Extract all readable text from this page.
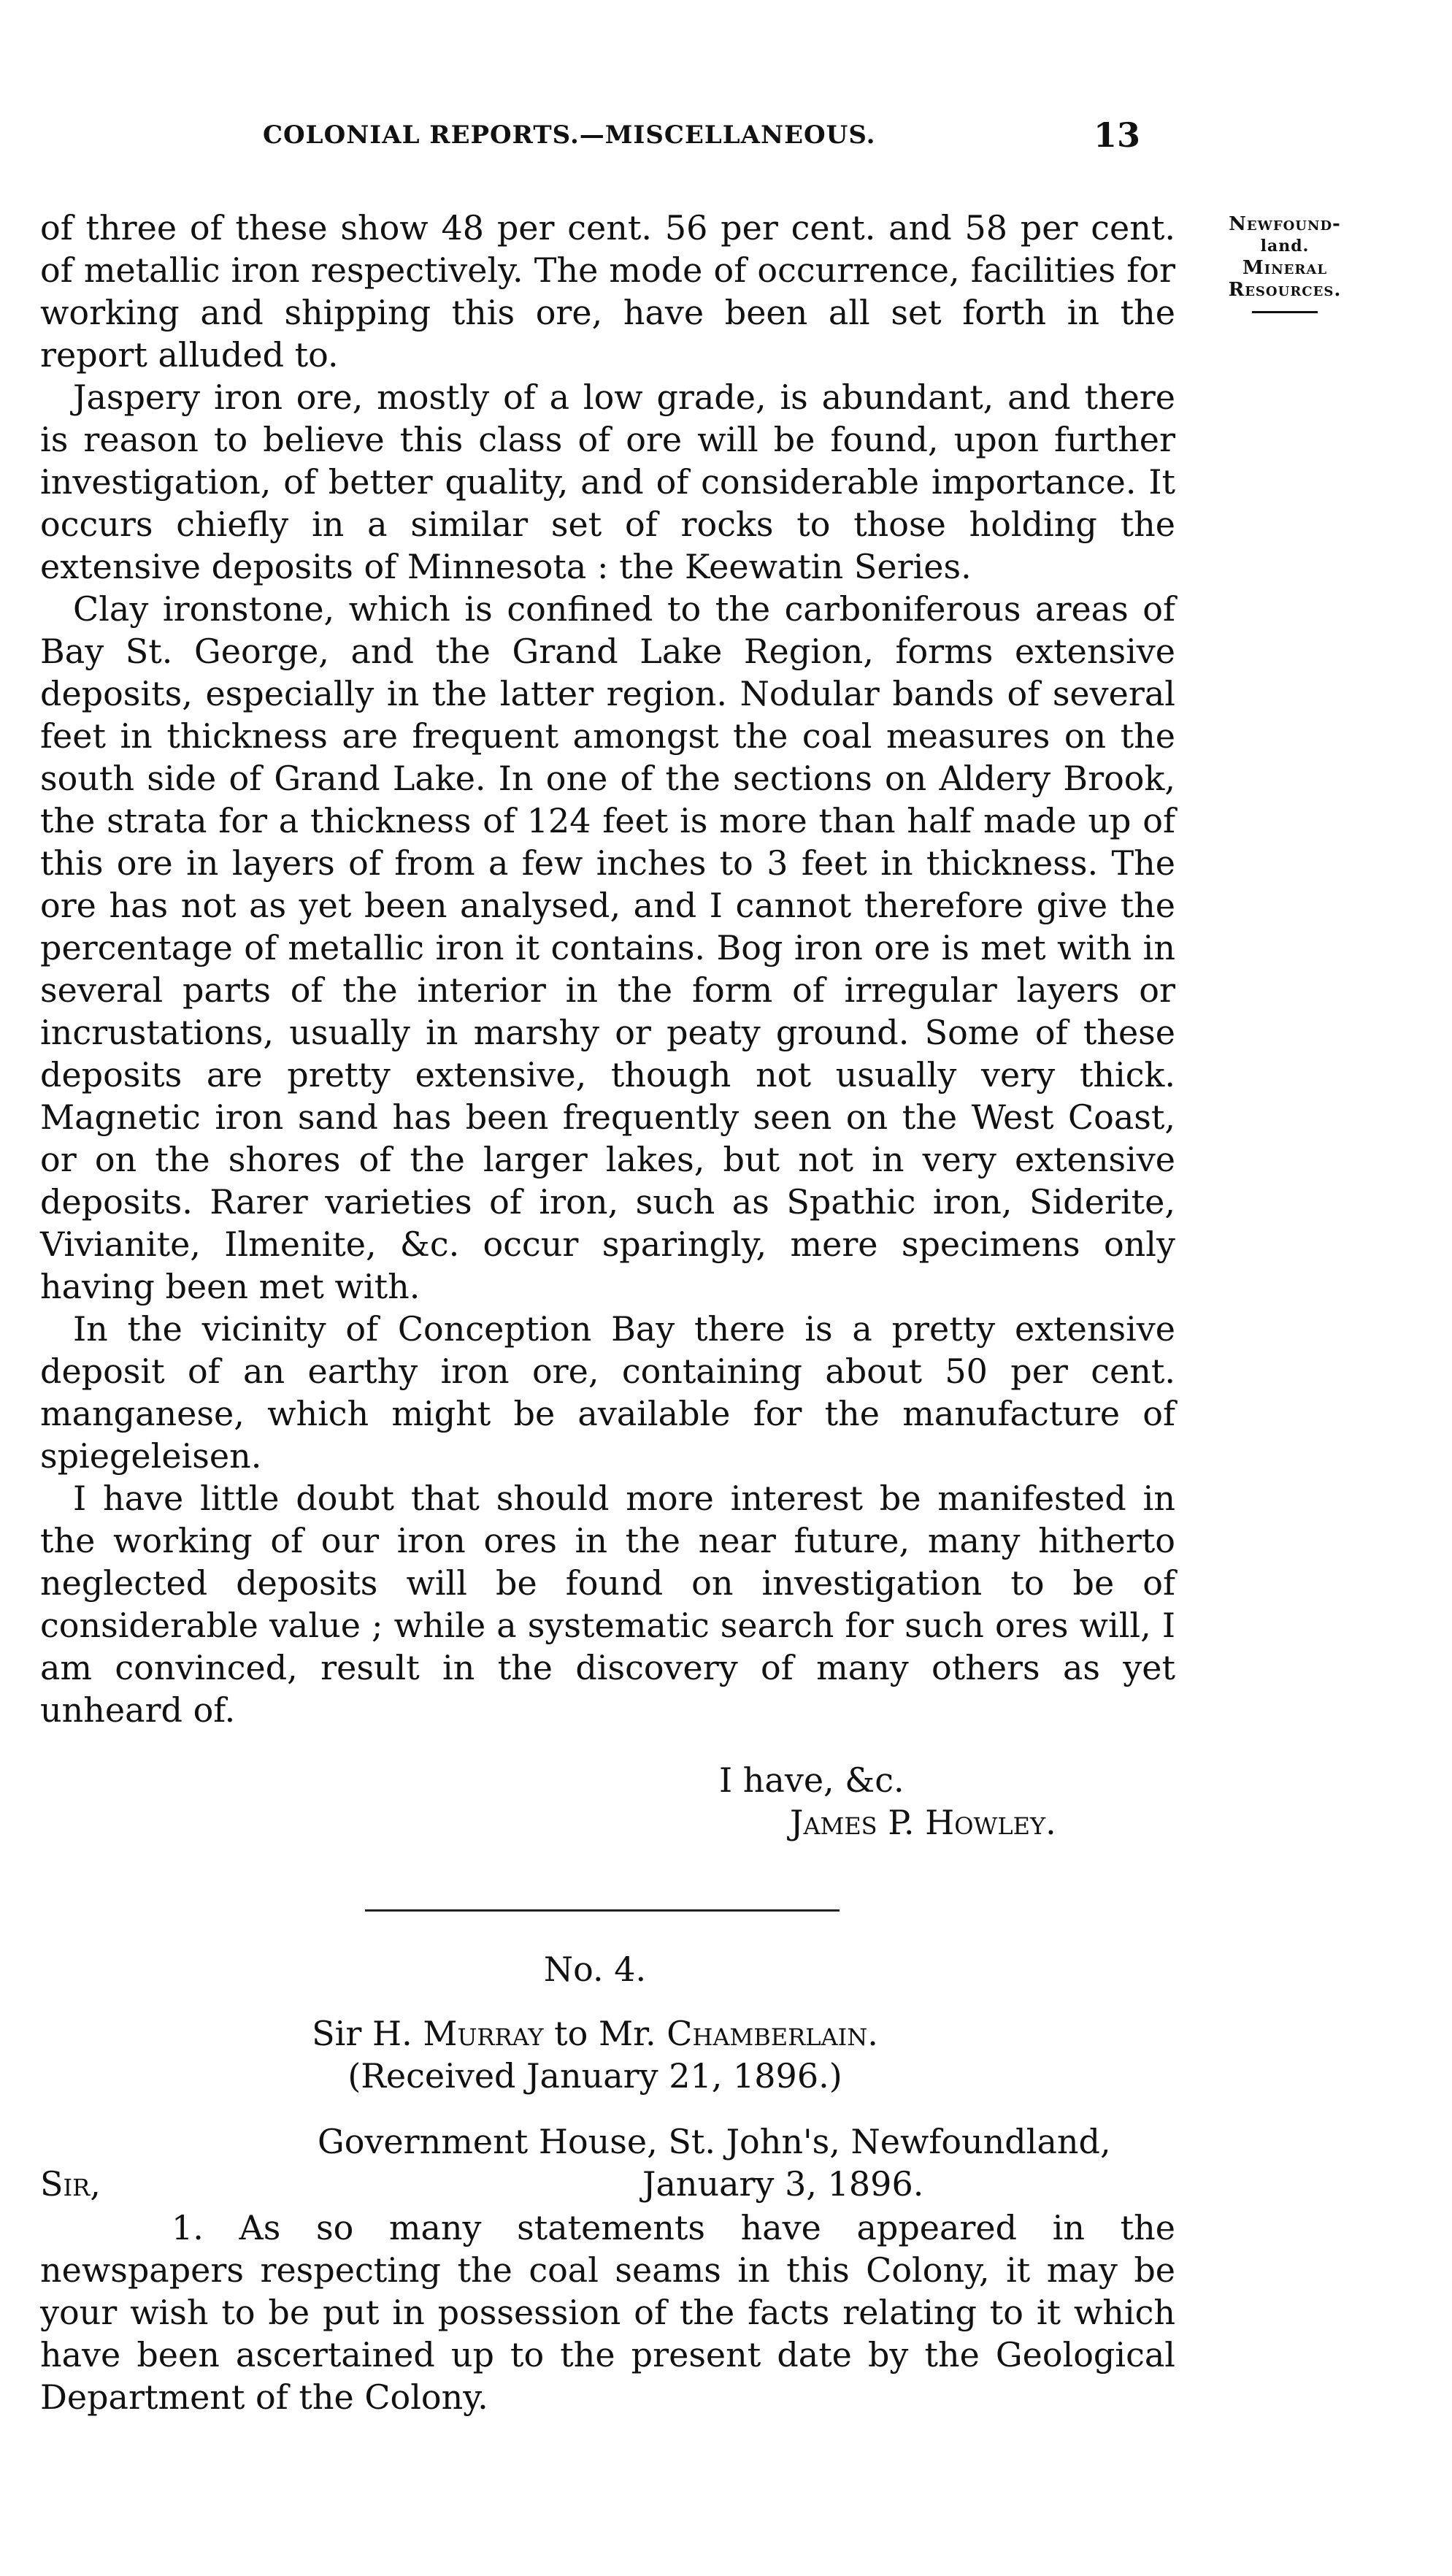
COLONIAL REPORTS.—MISCELLANEOUS.	13
Newfound-
land.
Mineral
Resources.

of three of these show 48 per cent. 56 per cent. and 58 per cent. of metallic iron respectively. The mode of occurrence, facilities for working and shipping this ore, have been all set forth in the report alluded to.

Jaspery iron ore, mostly of a low grade, is abundant, and there is reason to believe this class of ore will be found, upon further investigation, of better quality, and of considerable importance. It occurs chiefly in a similar set of rocks to those holding the extensive deposits of Minnesota : the Keewatin Series.

Clay ironstone, which is confined to the carboniferous areas of Bay St. George, and the Grand Lake Region, forms extensive deposits, especially in the latter region. Nodular bands of several feet in thickness are frequent amongst the coal measures on the south side of Grand Lake. In one of the sections on Aldery Brook, the strata for a thickness of 124 feet is more than half made up of this ore in layers of from a few inches to 3 feet in thickness. The ore has not as yet been analysed, and I cannot therefore give the percentage of metallic iron it contains. Bog iron ore is met with in several parts of the interior in the form of irregular layers or incrustations, usually in marshy or peaty ground. Some of these deposits are pretty extensive, though not usually very thick. Magnetic iron sand has been frequently seen on the West Coast, or on the shores of the larger lakes, but not in very extensive deposits. Rarer varieties of iron, such as Spathic iron, Siderite, Vivianite, Ilmenite, &c. occur sparingly, mere specimens only having been met with.

In the vicinity of Conception Bay there is a pretty extensive deposit of an earthy iron ore, containing about 50 per cent. manganese, which might be available for the manufacture of spiegeleisen.

I have little doubt that should more interest be manifested in the working of our iron ores in the near future, many hitherto neglected deposits will be found on investigation to be of considerable value ; while a systematic search for such ores will, I am convinced, result in the discovery of many others as yet unheard of.

I have, &c.
James P. Howley.
No. 4.
Sir H. Murray to Mr. Chamberlain.
(Received January 21, 1896.)
Government House, St. John's, Newfoundland,
Sir,	January 3, 1896.

1. As so many statements have appeared in the newspapers respecting the coal seams in this Colony, it may be your wish to be put in possession of the facts relating to it which have been ascertained up to the present date by the Geological Department of the Colony.
